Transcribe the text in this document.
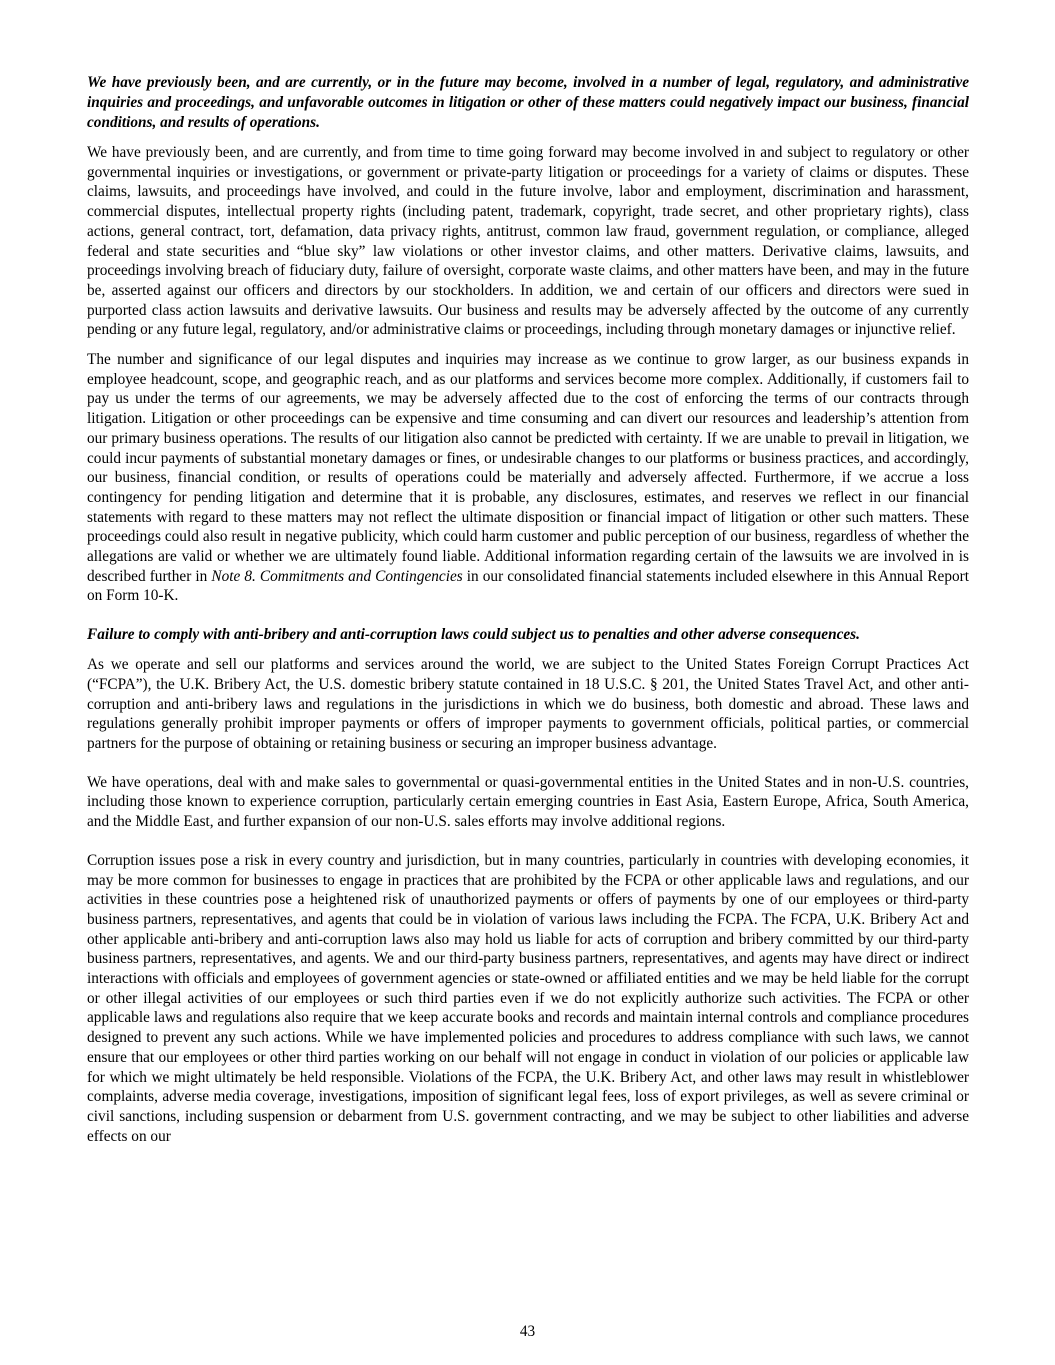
We have previously been, and are currently, or in the future may become, involved in a number of legal, regulatory, and administrative inquiries and proceedings, and unfavorable outcomes in litigation or other of these matters could negatively impact our business, financial conditions, and results of operations.

We have previously been, and are currently, and from time to time going forward may become involved in and subject to regulatory or other governmental inquiries or investigations, or government or private-party litigation or proceedings for a variety of claims or disputes. These claims, lawsuits, and proceedings have involved, and could in the future involve, labor and employment, discrimination and harassment, commercial disputes, intellectual property rights (including patent, trademark, copyright, trade secret, and other proprietary rights), class actions, general contract, tort, defamation, data privacy rights, antitrust, common law fraud, government regulation, or compliance, alleged federal and state securities and “blue sky” law violations or other investor claims, and other matters. Derivative claims, lawsuits, and proceedings involving breach of fiduciary duty, failure of oversight, corporate waste claims, and other matters have been, and may in the future be, asserted against our officers and directors by our stockholders. In addition, we and certain of our officers and directors were sued in purported class action lawsuits and derivative lawsuits. Our business and results may be adversely affected by the outcome of any currently pending or any future legal, regulatory, and/or administrative claims or proceedings, including through monetary damages or injunctive relief.

The number and significance of our legal disputes and inquiries may increase as we continue to grow larger, as our business expands in employee headcount, scope, and geographic reach, and as our platforms and services become more complex. Additionally, if customers fail to pay us under the terms of our agreements, we may be adversely affected due to the cost of enforcing the terms of our contracts through litigation. Litigation or other proceedings can be expensive and time consuming and can divert our resources and leadership’s attention from our primary business operations. The results of our litigation also cannot be predicted with certainty. If we are unable to prevail in litigation, we could incur payments of substantial monetary damages or fines, or undesirable changes to our platforms or business practices, and accordingly, our business, financial condition, or results of operations could be materially and adversely affected. Furthermore, if we accrue a loss contingency for pending litigation and determine that it is probable, any disclosures, estimates, and reserves we reflect in our financial statements with regard to these matters may not reflect the ultimate disposition or financial impact of litigation or other such matters. These proceedings could also result in negative publicity, which could harm customer and public perception of our business, regardless of whether the allegations are valid or whether we are ultimately found liable. Additional information regarding certain of the lawsuits we are involved in is described further in Note 8. Commitments and Contingencies in our consolidated financial statements included elsewhere in this Annual Report on Form 10-K.

Failure to comply with anti-bribery and anti-corruption laws could subject us to penalties and other adverse consequences.

As we operate and sell our platforms and services around the world, we are subject to the United States Foreign Corrupt Practices Act (“FCPA”), the U.K. Bribery Act, the U.S. domestic bribery statute contained in 18 U.S.C. § 201, the United States Travel Act, and other anti-corruption and anti-bribery laws and regulations in the jurisdictions in which we do business, both domestic and abroad. These laws and regulations generally prohibit improper payments or offers of improper payments to government officials, political parties, or commercial partners for the purpose of obtaining or retaining business or securing an improper business advantage.

We have operations, deal with and make sales to governmental or quasi-governmental entities in the United States and in non-U.S. countries, including those known to experience corruption, particularly certain emerging countries in East Asia, Eastern Europe, Africa, South America, and the Middle East, and further expansion of our non-U.S. sales efforts may involve additional regions.

Corruption issues pose a risk in every country and jurisdiction, but in many countries, particularly in countries with developing economies, it may be more common for businesses to engage in practices that are prohibited by the FCPA or other applicable laws and regulations, and our activities in these countries pose a heightened risk of unauthorized payments or offers of payments by one of our employees or third-party business partners, representatives, and agents that could be in violation of various laws including the FCPA. The FCPA, U.K. Bribery Act and other applicable anti-bribery and anti-corruption laws also may hold us liable for acts of corruption and bribery committed by our third-party business partners, representatives, and agents. We and our third-party business partners, representatives, and agents may have direct or indirect interactions with officials and employees of government agencies or state-owned or affiliated entities and we may be held liable for the corrupt or other illegal activities of our employees or such third parties even if we do not explicitly authorize such activities. The FCPA or other applicable laws and regulations also require that we keep accurate books and records and maintain internal controls and compliance procedures designed to prevent any such actions. While we have implemented policies and procedures to address compliance with such laws, we cannot ensure that our employees or other third parties working on our behalf will not engage in conduct in violation of our policies or applicable law for which we might ultimately be held responsible. Violations of the FCPA, the U.K. Bribery Act, and other laws may result in whistleblower complaints, adverse media coverage, investigations, imposition of significant legal fees, loss of export privileges, as well as severe criminal or civil sanctions, including suspension or debarment from U.S. government contracting, and we may be subject to other liabilities and adverse effects on our

43
